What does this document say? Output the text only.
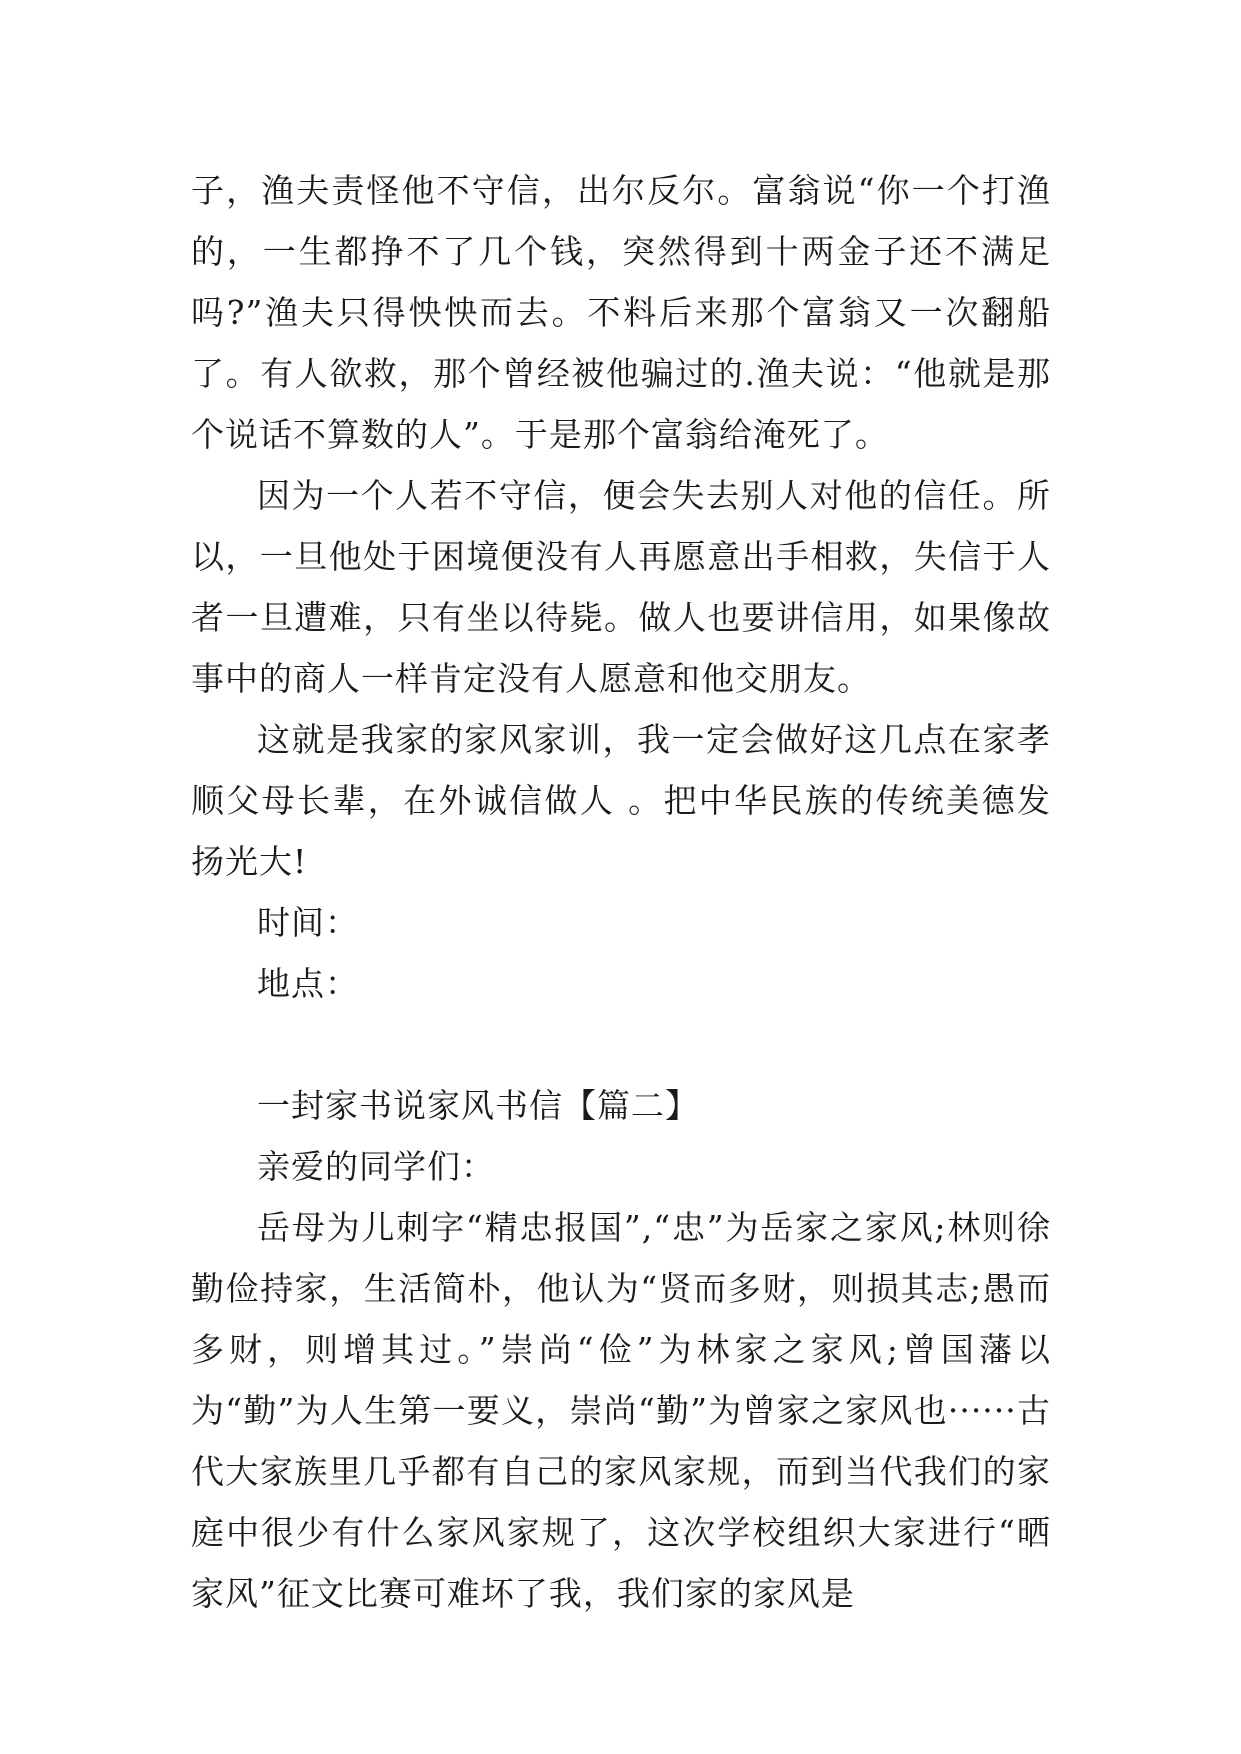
子，渔夫责怪他不守信，出尔反尔。富翁说“你一个打渔的，一生都挣不了几个钱，突然得到十两金子还不满足吗?”渔夫只得怏怏而去。不料后来那个富翁又一次翻船了。有人欲救，那个曾经被他骗过的.渔夫说：“他就是那个说话不算数的人”。于是那个富翁给淹死了。

因为一个人若不守信，便会失去别人对他的信任。所以，一旦他处于困境便没有人再愿意出手相救，失信于人者一旦遭难，只有坐以待毙。做人也要讲信用，如果像故事中的商人一样肯定没有人愿意和他交朋友。

这就是我家的家风家训，我一定会做好这几点在家孝顺父母长辈，在外诚信做人 。把中华民族的传统美德发扬光大!

时间：

地点：

一封家书说家风书信【篇二】

亲爱的同学们：

岳母为儿刺字“精忠报国”,“忠”为岳家之家风;林则徐勤俭持家，生活简朴，他认为“贤而多财，则损其志;愚而多财，则增其过。”崇尚“俭”为林家之家风;曾国藩以为“勤”为人生第一要义，崇尚“勤”为曾家之家风也······古代大家族里几乎都有自己的家风家规，而到当代我们的家庭中很少有什么家风家规了，这次学校组织大家进行“晒家风”征文比赛可难坏了我，我们家的家风是
